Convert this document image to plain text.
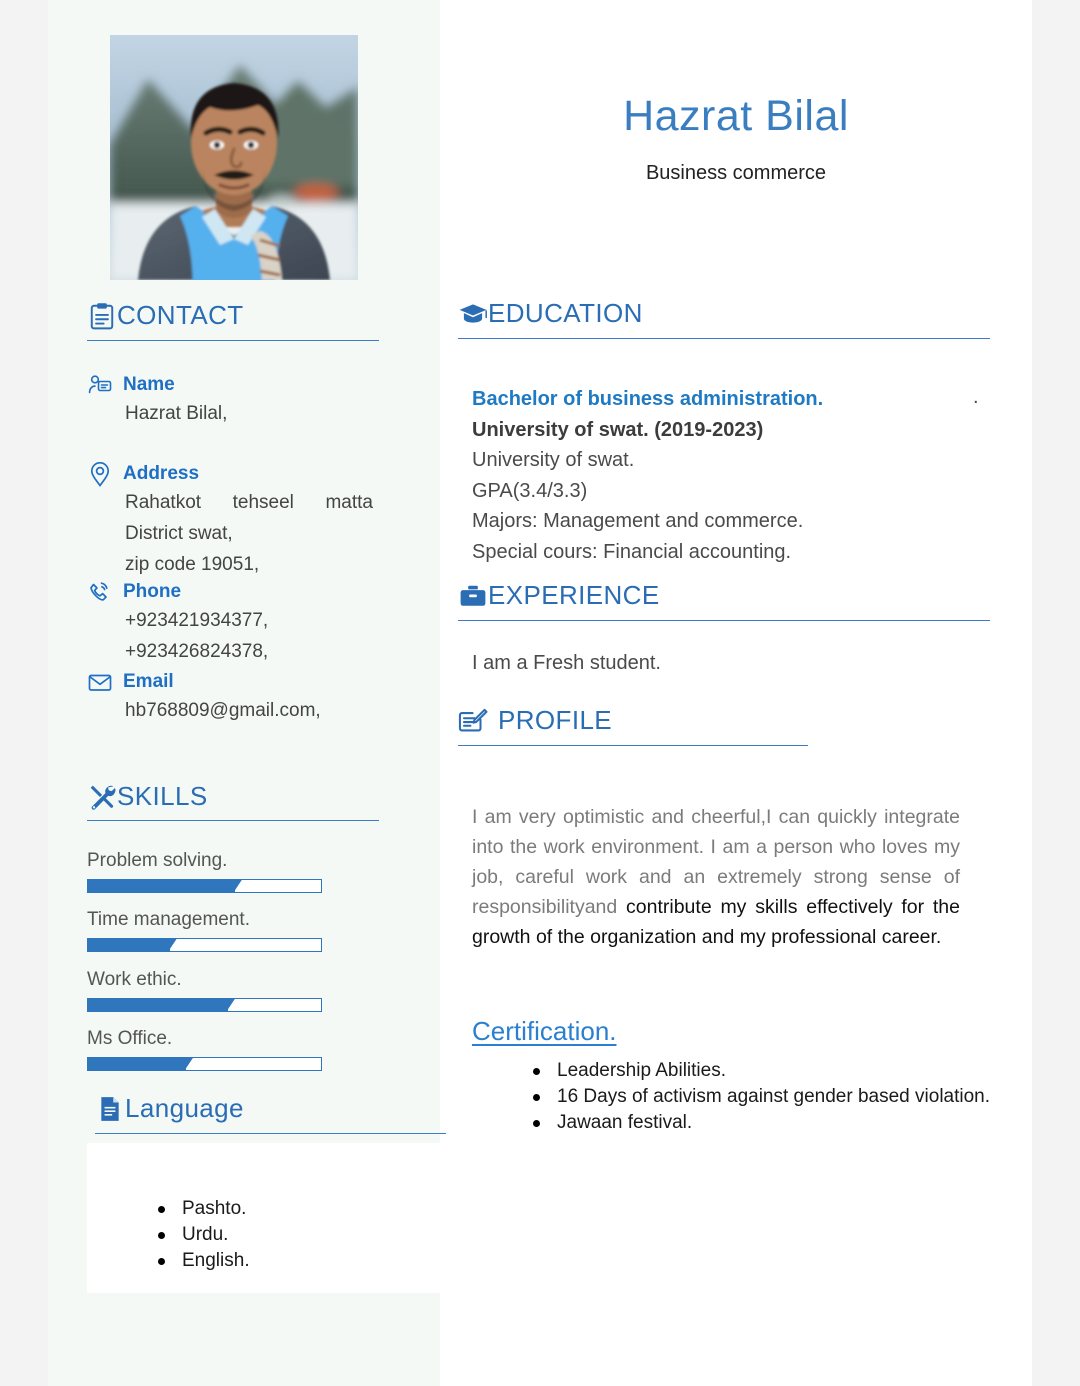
CONTACT
Name
Hazrat Bilal,
Address
Rahatkot tehseel matta
District swat,
zip code 19051,
Phone
+923421934377,
+923426824378,
Email
hb768809@gmail.com,
SKILLS
Problem solving.
Time management.
Work ethic.
Ms Office.
Language
Pashto.
Urdu.
English.
Hazrat Bilal
Business commerce
EDUCATION
Bachelor of business administration.
University of swat. (2019-2023)
University of swat.
GPA(3.4/3.3)
Majors: Management and commerce.
Special cours: Financial accounting.
.
EXPERIENCE
I am a Fresh student.
PROFILE

I am very optimistic and cheerful,I can quickly integrate into the work environment. I am a person who loves my job, careful work and an extremely strong sense of responsibilityand contribute my skills effectively for the growth of the organization and my professional career.

Certification.
Leadership Abilities.
16 Days of activism against gender based violation.
Jawaan festival.
